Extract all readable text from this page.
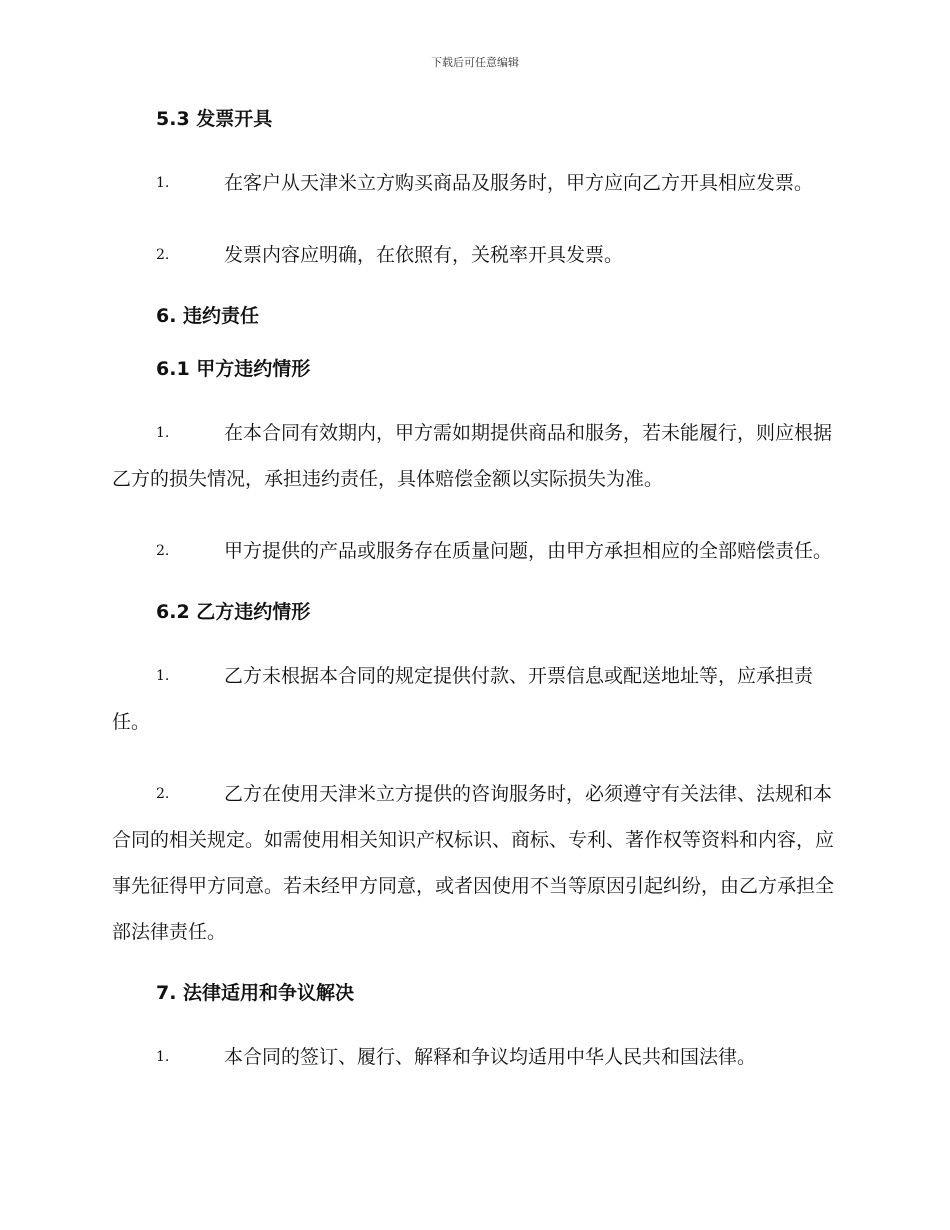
下载后可任意编辑
5.3 发票开具
1.	在客户从天津米立方购买商品及服务时，甲方应向乙方开具相应发票。
2.	发票内容应明确，在依照有，关税率开具发票。
6. 违约责任
6.1 甲方违约情形
1.	在本合同有效期内，甲方需如期提供商品和服务，若未能履行，则应根据乙方的损失情况，承担违约责任，具体赔偿金额以实际损失为准。
2.	甲方提供的产品或服务存在质量问题，由甲方承担相应的全部赔偿责任。
6.2 乙方违约情形
1.	乙方未根据本合同的规定提供付款、开票信息或配送地址等，应承担责任。
2.	乙方在使用天津米立方提供的咨询服务时，必须遵守有关法律、法规和本合同的相关规定。如需使用相关知识产权标识、商标、专利、著作权等资料和内容，应事先征得甲方同意。若未经甲方同意，或者因使用不当等原因引起纠纷，由乙方承担全部法律责任。
7. 法律适用和争议解决
1.	本合同的签订、履行、解释和争议均适用中华人民共和国法律。
